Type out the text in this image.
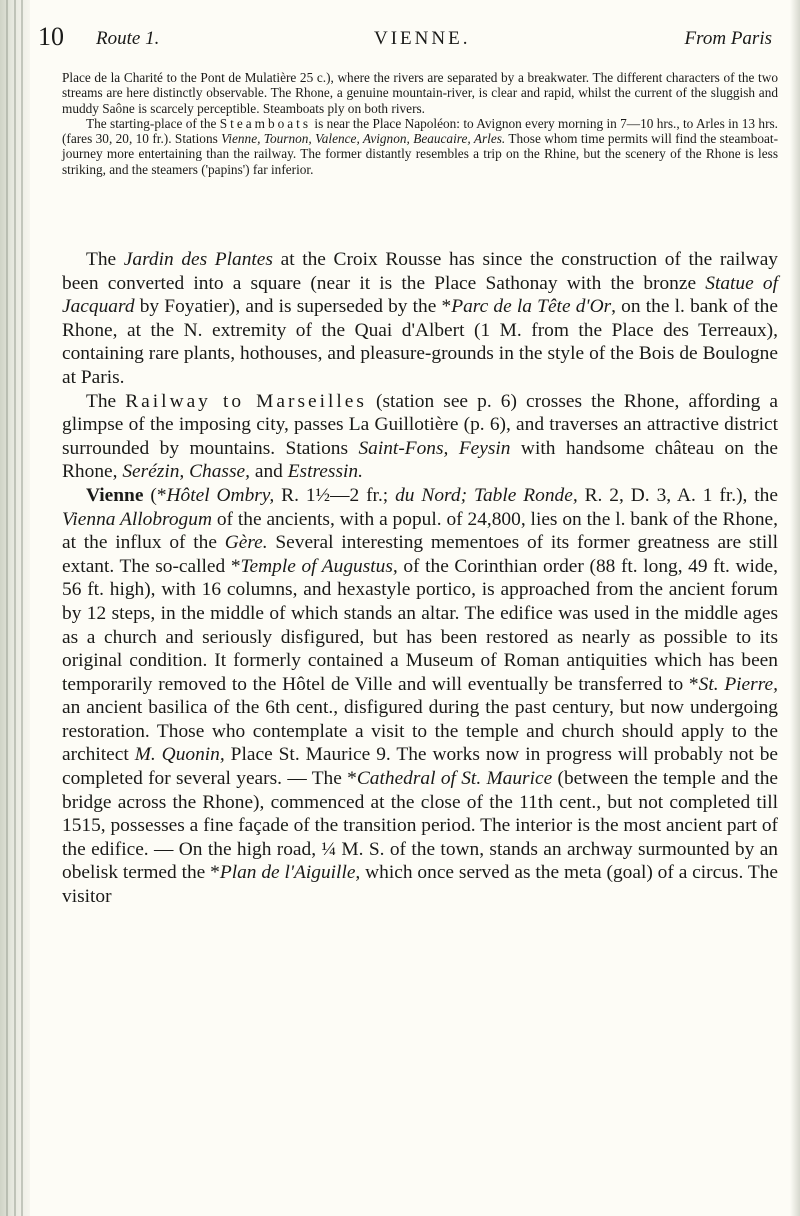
10 Route 1.	VIENNE.	From Paris

Place de la Charité to the Pont de Mulatière 25 c.), where the rivers are separated by a breakwater. The different characters of the two streams are here distinctly observable. The Rhone, a genuine mountain-river, is clear and rapid, whilst the current of the sluggish and muddy Saône is scarcely perceptible. Steamboats ply on both rivers.

The starting-place of the Steamboats is near the Place Napoléon: to Avignon every morning in 7—10 hrs., to Arles in 13 hrs. (fares 30, 20, 10 fr.). Stations Vienne, Tournon, Valence, Avignon, Beaucaire, Arles. Those whom time permits will find the steamboat-journey more entertaining than the railway. The former distantly resembles a trip on the Rhine, but the scenery of the Rhone is less striking, and the steamers ('papins') far inferior.

The Jardin des Plantes at the Croix Rousse has since the construction of the railway been converted into a square (near it is the Place Sathonay with the bronze Statue of Jacquard by Foyatier), and is superseded by the *Parc de la Tête d'Or, on the l. bank of the Rhone, at the N. extremity of the Quai d'Albert (1 M. from the Place des Terreaux), containing rare plants, hothouses, and pleasure-grounds in the style of the Bois de Boulogne at Paris.

The Railway to Marseilles (station see p. 6) crosses the Rhone, affording a glimpse of the imposing city, passes La Guillotière (p. 6), and traverses an attractive district surrounded by mountains. Stations Saint-Fons, Feysin with handsome château on the Rhone, Serézin, Chasse, and Estressin.

Vienne (*Hôtel Ombry, R. 1½—2 fr.; du Nord; Table Ronde, R. 2, D. 3, A. 1 fr.), the Vienna Allobrogum of the ancients, with a popul. of 24,800, lies on the l. bank of the Rhone, at the influx of the Gère. Several interesting mementoes of its former greatness are still extant. The so-called *Temple of Augustus, of the Corinthian order (88 ft. long, 49 ft. wide, 56 ft. high), with 16 columns, and hexastyle portico, is approached from the ancient forum by 12 steps, in the middle of which stands an altar. The edifice was used in the middle ages as a church and seriously disfigured, but has been restored as nearly as possible to its original condition. It formerly contained a Museum of Roman antiquities which has been temporarily removed to the Hôtel de Ville and will eventually be transferred to *St. Pierre, an ancient basilica of the 6th cent., disfigured during the past century, but now undergoing restoration. Those who contemplate a visit to the temple and church should apply to the architect M. Quonin, Place St. Maurice 9. The works now in progress will probably not be completed for several years. — The *Cathedral of St. Maurice (between the temple and the bridge across the Rhone), commenced at the close of the 11th cent., but not completed till 1515, possesses a fine façade of the transition period. The interior is the most ancient part of the edifice. — On the high road, ¼ M. S. of the town, stands an archway surmounted by an obelisk termed the *Plan de l'Aiguille, which once served as the meta (goal) of a circus. The visitor
